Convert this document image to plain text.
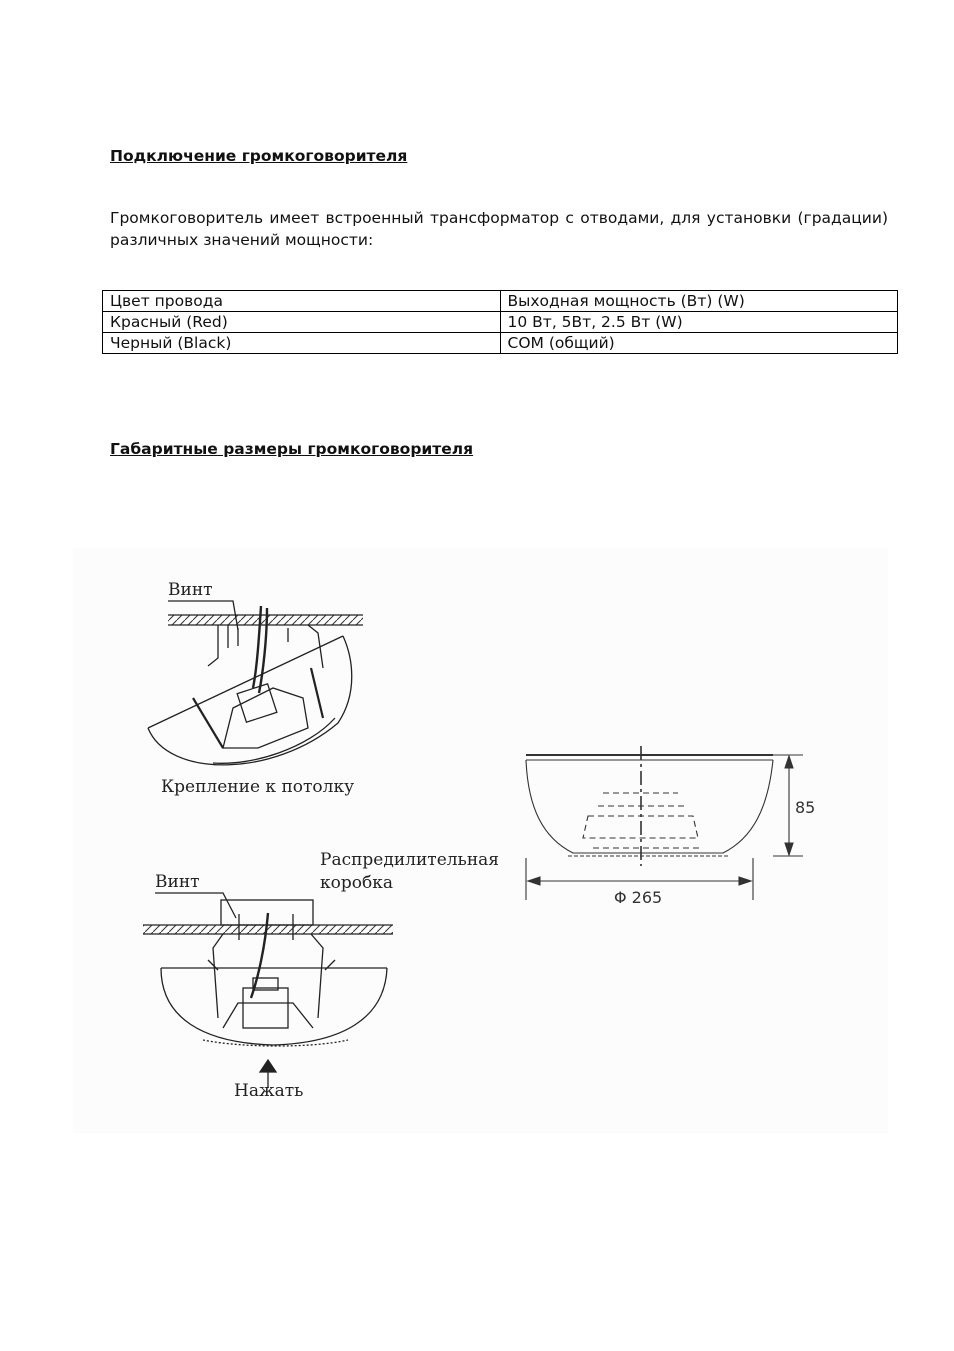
Подключение громкоговорителя

Громкоговоритель имеет встроенный трансформатор с отводами, для установки (градации) различных значений мощности:

Цвет провода	Выходная мощность (Вт) (W)
Красный (Red)	10 Вт, 5Вт, 2.5 Вт (W)
Черный (Black)	COM (общий)
Габаритные размеры громкоговорителя
Винт
Крепление к потолку
Винт
Распредилительная
коробка
Нажать
85
Φ 265
